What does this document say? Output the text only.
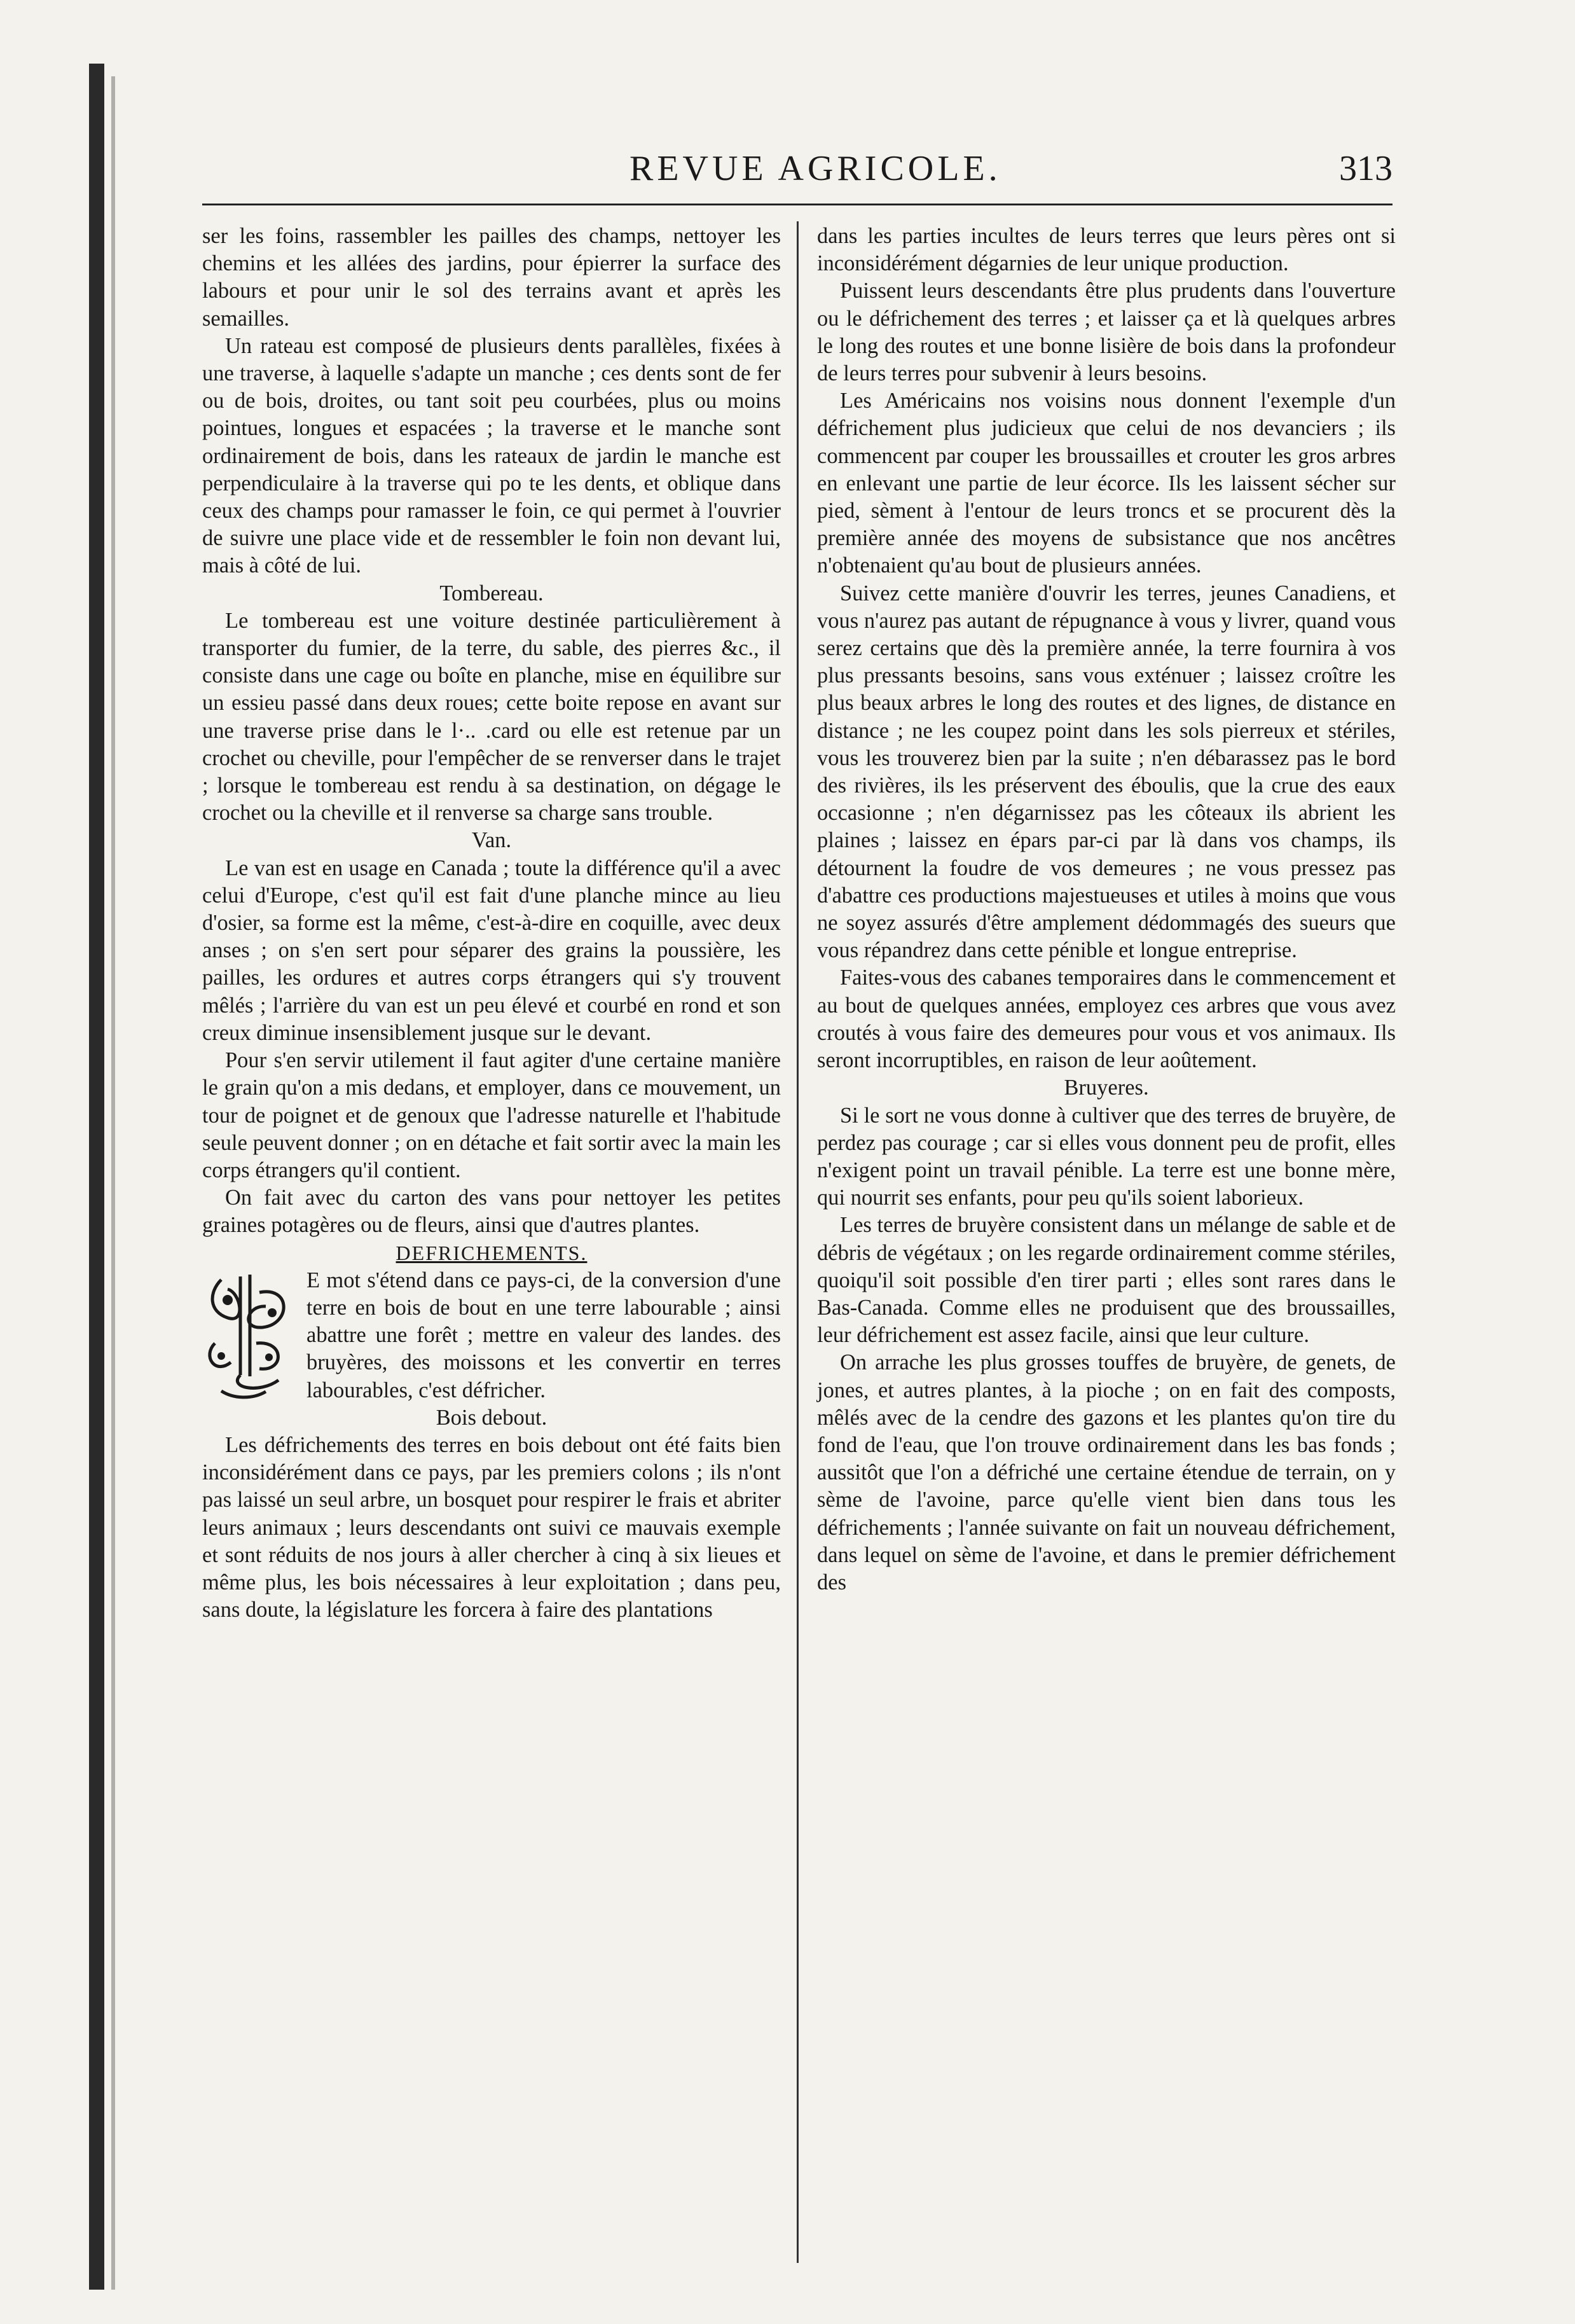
REVUE AGRICOLE.	313

ser les foins, rassembler les pailles des champs, nettoyer les chemins et les allées des jardins, pour épierrer la surface des labours et pour unir le sol des terrains avant et après les semailles.

Un rateau est composé de plusieurs dents parallèles, fixées à une traverse, à laquelle s'adapte un manche ; ces dents sont de fer ou de bois, droites, ou tant soit peu courbées, plus ou moins pointues, longues et espacées ; la traverse et le manche sont ordinairement de bois, dans les rateaux de jardin le manche est perpendiculaire à la traverse qui po te les dents, et oblique dans ceux des champs pour ramasser le foin, ce qui permet à l'ouvrier de suivre une place vide et de ressembler le foin non devant lui, mais à côté de lui.

Tombereau.

Le tombereau est une voiture destinée particulièrement à transporter du fumier, de la terre, du sable, des pierres &c., il consiste dans une cage ou boîte en planche, mise en équilibre sur un essieu passé dans deux roues; cette boite repose en avant sur une traverse prise dans le l·.. .card ou elle est retenue par un crochet ou cheville, pour l'empêcher de se renverser dans le trajet ; lorsque le tombereau est rendu à sa destination, on dégage le crochet ou la cheville et il renverse sa charge sans trouble.

Van.

Le van est en usage en Canada ; toute la différence qu'il a avec celui d'Europe, c'est qu'il est fait d'une planche mince au lieu d'osier, sa forme est la même, c'est-à-dire en coquille, avec deux anses ; on s'en sert pour séparer des grains la poussière, les pailles, les ordures et autres corps étrangers qui s'y trouvent mêlés ; l'arrière du van est un peu élevé et courbé en rond et son creux diminue insensiblement jusque sur le devant.

Pour s'en servir utilement il faut agiter d'une certaine manière le grain qu'on a mis dedans, et employer, dans ce mouvement, un tour de poignet et de genoux que l'adresse naturelle et l'habitude seule peuvent donner ; on en détache et fait sortir avec la main les corps étrangers qu'il contient.

On fait avec du carton des vans pour nettoyer les petites graines potagères ou de fleurs, ainsi que d'autres plantes.

DEFRICHEMENTS.

E mot s'étend dans ce pays-ci, de la conversion d'une terre en bois de bout en une terre labourable ; ainsi abattre une forêt ; mettre en valeur des landes. des bruyères, des moissons et les convertir en terres labourables, c'est défricher.

Bois debout.

Les défrichements des terres en bois debout ont été faits bien inconsidérément dans ce pays, par les premiers colons ; ils n'ont pas laissé un seul arbre, un bosquet pour respirer le frais et abriter leurs animaux ; leurs descendants ont suivi ce mauvais exemple et sont réduits de nos jours à aller chercher à cinq à six lieues et même plus, les bois nécessaires à leur exploitation ; dans peu, sans doute, la législature les forcera à faire des plantations

dans les parties incultes de leurs terres que leurs pères ont si inconsidérément dégarnies de leur unique production.

Puissent leurs descendants être plus prudents dans l'ouverture ou le défrichement des terres ; et laisser ça et là quelques arbres le long des routes et une bonne lisière de bois dans la profondeur de leurs terres pour subvenir à leurs besoins.

Les Américains nos voisins nous donnent l'exemple d'un défrichement plus judicieux que celui de nos devanciers ; ils commencent par couper les broussailles et crouter les gros arbres en enlevant une partie de leur écorce. Ils les laissent sécher sur pied, sèment à l'entour de leurs troncs et se procurent dès la première année des moyens de subsistance que nos ancêtres n'obtenaient qu'au bout de plusieurs années.

Suivez cette manière d'ouvrir les terres, jeunes Canadiens, et vous n'aurez pas autant de répugnance à vous y livrer, quand vous serez certains que dès la première année, la terre fournira à vos plus pressants besoins, sans vous exténuer ; laissez croître les plus beaux arbres le long des routes et des lignes, de distance en distance ; ne les coupez point dans les sols pierreux et stériles, vous les trouverez bien par la suite ; n'en débarassez pas le bord des rivières, ils les préservent des éboulis, que la crue des eaux occasionne ; n'en dégarnissez pas les côteaux ils abrient les plaines ; laissez en épars par-ci par là dans vos champs, ils détournent la foudre de vos demeures ; ne vous pressez pas d'abattre ces productions majestueuses et utiles à moins que vous ne soyez assurés d'être amplement dédommagés des sueurs que vous répandrez dans cette pénible et longue entreprise.

Faites-vous des cabanes temporaires dans le commencement et au bout de quelques années, employez ces arbres que vous avez croutés à vous faire des demeures pour vous et vos animaux. Ils seront incorruptibles, en raison de leur aoûtement.

Bruyeres.

Si le sort ne vous donne à cultiver que des terres de bruyère, de perdez pas courage ; car si elles vous donnent peu de profit, elles n'exigent point un travail pénible. La terre est une bonne mère, qui nourrit ses enfants, pour peu qu'ils soient laborieux.

Les terres de bruyère consistent dans un mélange de sable et de débris de végétaux ; on les regarde ordinairement comme stériles, quoiqu'il soit possible d'en tirer parti ; elles sont rares dans le Bas-Canada. Comme elles ne produisent que des broussailles, leur défrichement est assez facile, ainsi que leur culture.

On arrache les plus grosses touffes de bruyère, de genets, de jones, et autres plantes, à la pioche ; on en fait des composts, mêlés avec de la cendre des gazons et les plantes qu'on tire du fond de l'eau, que l'on trouve ordinairement dans les bas fonds ; aussitôt que l'on a défriché une certaine étendue de terrain, on y sème de l'avoine, parce qu'elle vient bien dans tous les défrichements ; l'année suivante on fait un nouveau défrichement, dans lequel on sème de l'avoine, et dans le premier défrichement des
